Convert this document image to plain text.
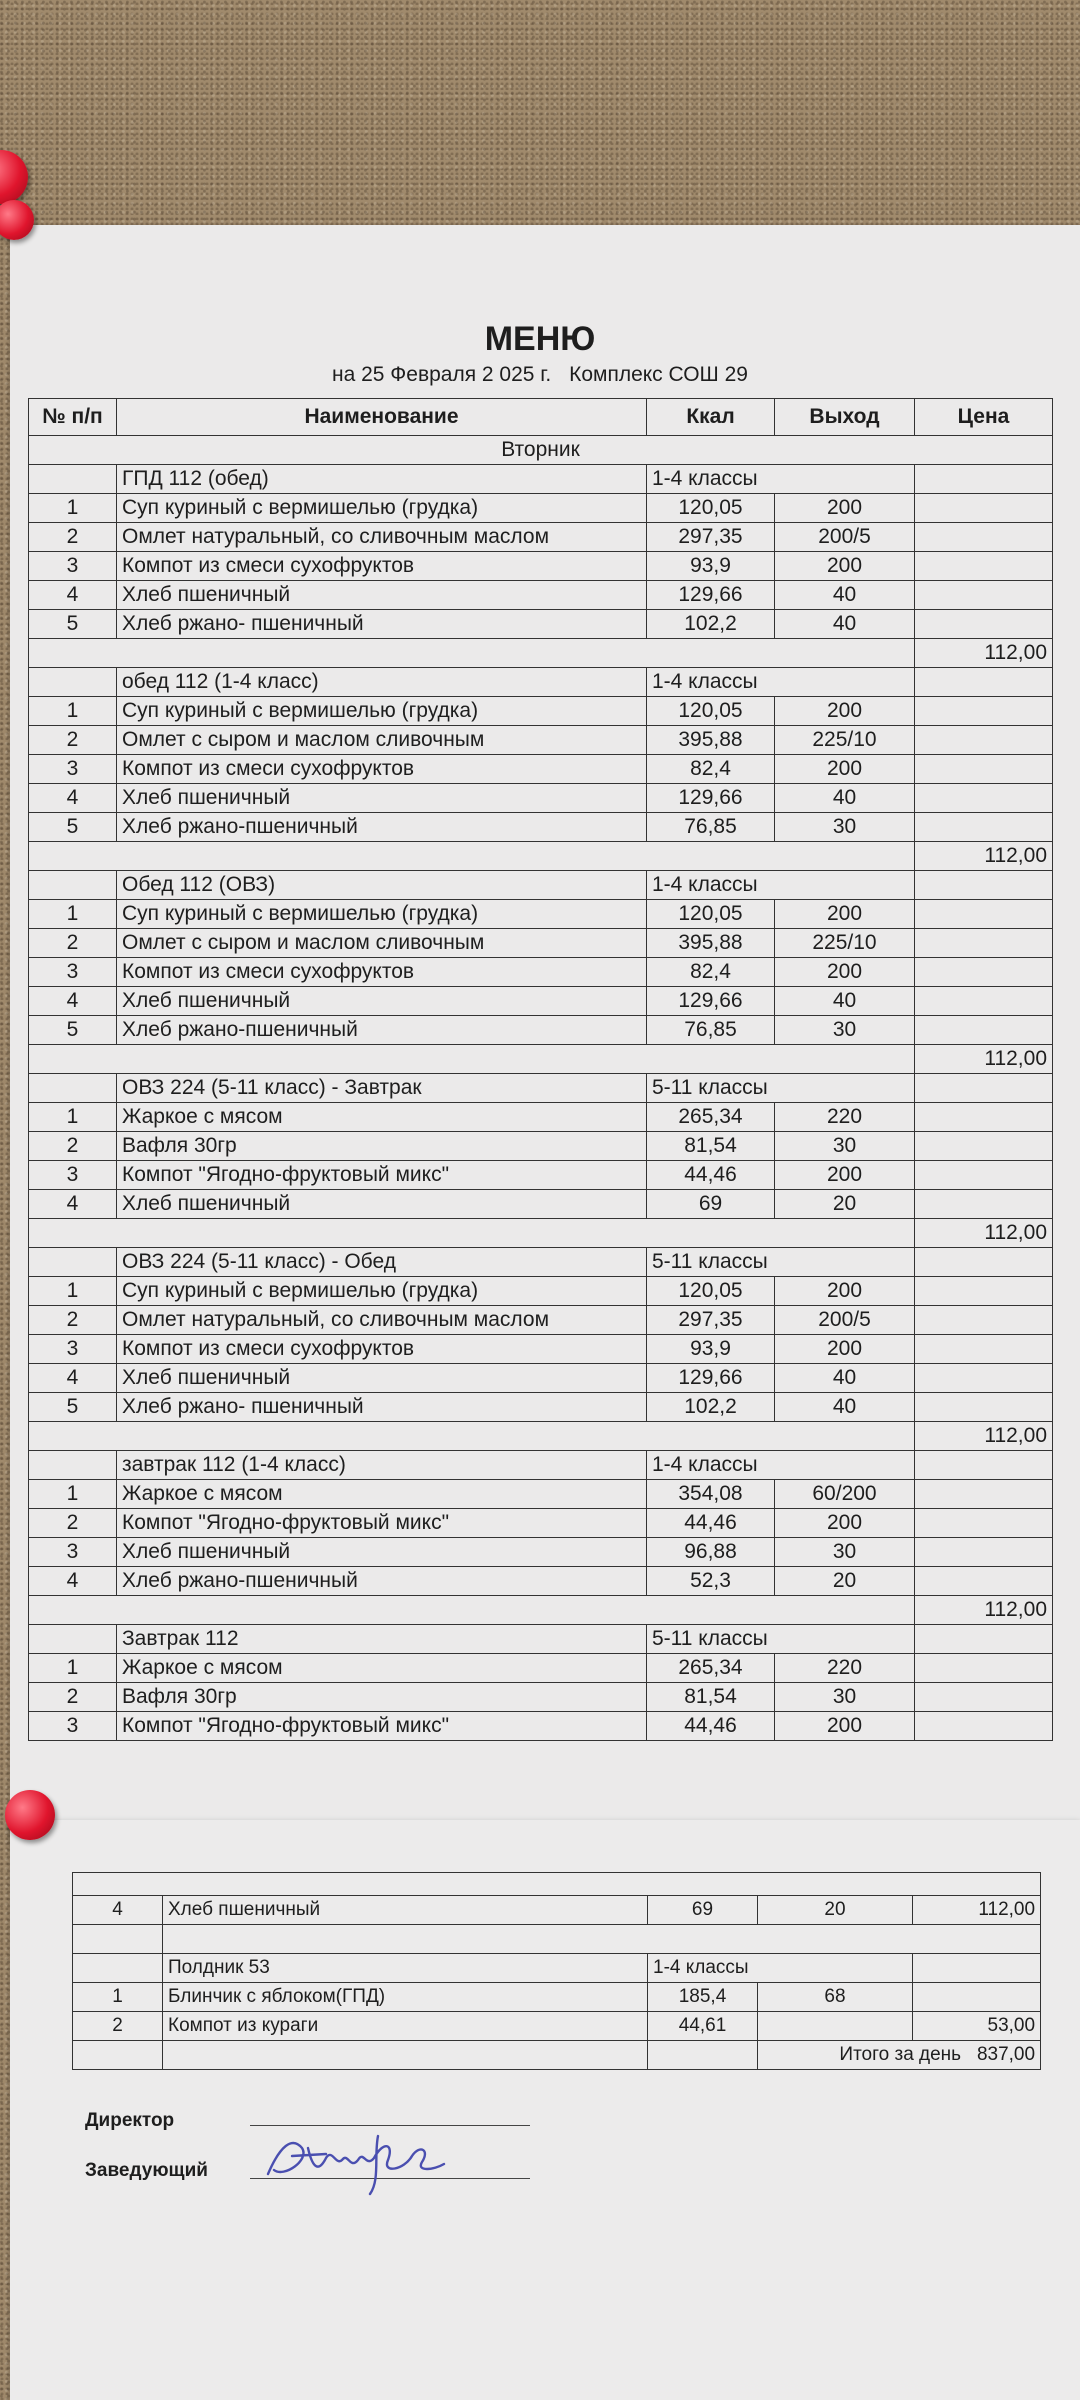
МЕНЮ
на 25 Февраля 2 025 г. Комплекс СОШ 29
№ п/п	Наименование	Ккал	Выход	Цена
Вторник				
	ГПД 112 (обед)	1-4 классы		
1	Суп куриный с вермишелью (грудка)	120,05	200	
2	Омлет натуральный, со сливочным маслом	297,35	200/5	
3	Компот из смеси сухофруктов	93,9	200	
4	Хлеб пшеничный	129,66	40	
5	Хлеб ржано- пшеничный	102,2	40	
				112,00
	обед 112 (1-4 класс)	1-4 классы		
1	Суп куриный с вермишелью (грудка)	120,05	200	
2	Омлет с сыром и маслом сливочным	395,88	225/10	
3	Компот из смеси сухофруктов	82,4	200	
4	Хлеб пшеничный	129,66	40	
5	Хлеб ржано-пшеничный	76,85	30	
				112,00
	Обед 112 (ОВЗ)	1-4 классы		
1	Суп куриный с вермишелью (грудка)	120,05	200	
2	Омлет с сыром и маслом сливочным	395,88	225/10	
3	Компот из смеси сухофруктов	82,4	200	
4	Хлеб пшеничный	129,66	40	
5	Хлеб ржано-пшеничный	76,85	30	
				112,00
	ОВЗ 224 (5-11 класс) - Завтрак	5-11 классы		
1	Жаркое с мясом	265,34	220	
2	Вафля 30гр	81,54	30	
3	Компот "Ягодно-фруктовый микс"	44,46	200	
4	Хлеб пшеничный	69	20	
				112,00
	ОВЗ 224 (5-11 класс) - Обед	5-11 классы		
1	Суп куриный с вермишелью (грудка)	120,05	200	
2	Омлет натуральный, со сливочным маслом	297,35	200/5	
3	Компот из смеси сухофруктов	93,9	200	
4	Хлеб пшеничный	129,66	40	
5	Хлеб ржано- пшеничный	102,2	40	
				112,00
	завтрак 112 (1-4 класс)	1-4 классы		
1	Жаркое с мясом	354,08	60/200	
2	Компот "Ягодно-фруктовый микс"	44,46	200	
3	Хлеб пшеничный	96,88	30	
4	Хлеб ржано-пшеничный	52,3	20	
				112,00
	Завтрак 112	5-11 классы		
1	Жаркое с мясом	265,34	220	
2	Вафля 30гр	81,54	30	
3	Компот "Ягодно-фруктовый микс"	44,46	200	

4	Хлеб пшеничный	69	20	112,00

	Полдник 53	1-4 классы		
1	Блинчик с яблоком(ГПД)	185,4	68	
2	Компот из кураги	44,61		53,00
			Итого за день 837,00	
Директор
Заведующий
